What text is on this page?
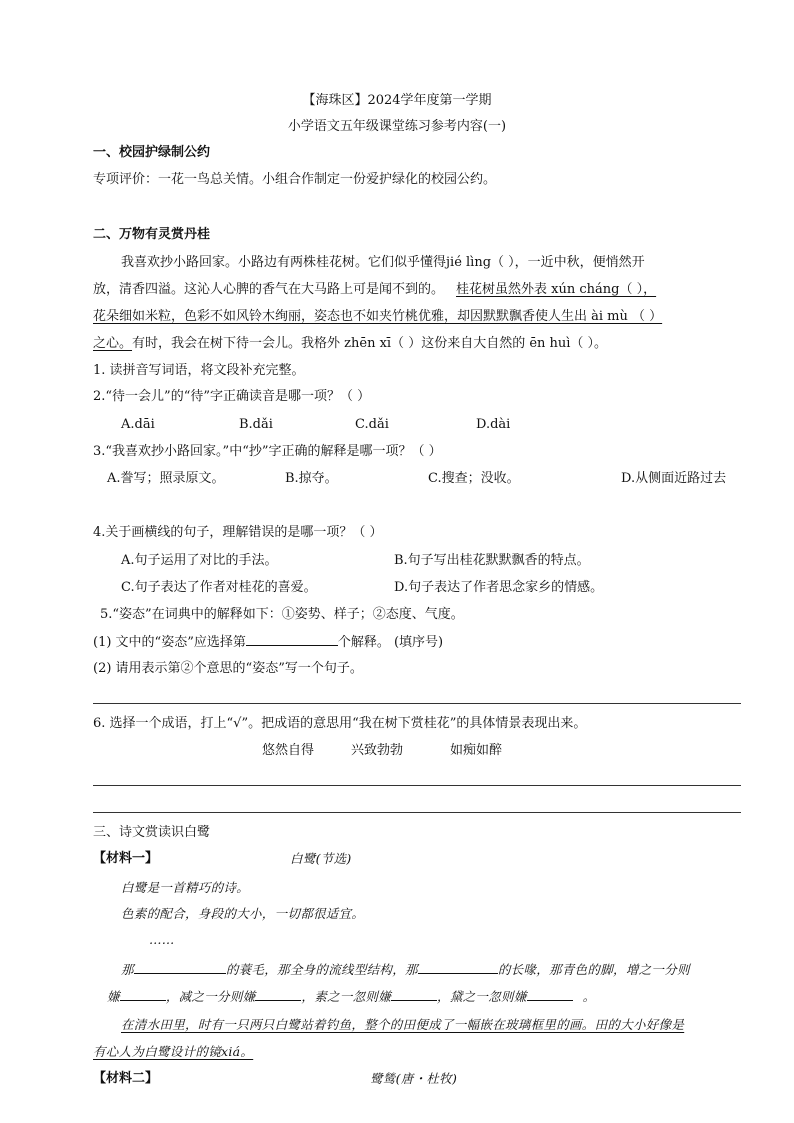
【海珠区】2024学年度第一学期
小学语文五年级课堂练习参考内容(一)
一、校园护绿制公约
专项评价：一花一鸟总关情。小组合作制定一份爱护绿化的校园公约。
二、万物有灵赏丹桂
我喜欢抄小路回家。小路边有两株桂花树。它们似乎懂得jié lìng（ ），一近中秋，便悄然开
放，清香四溢。这沁人心脾的香气在大马路上可是闻不到的。 桂花树虽然外表 xún cháng（ ），
花朵细如米粒，色彩不如风铃木绚丽，姿态也不如夹竹桃优雅，却因默默飘香使人生出 ài mù （ ）
之心。有时，我会在树下待一会儿。我格外 zhēn xī（ ）这份来自大自然的 ēn huì（ ）。
1. 读拼音写词语，将文段补充完整。
2.“待一会儿”的“待”字正确读音是哪一项？（ ）
A.dāi	B.dǎi	C.dǎi	D.dài
3.“我喜欢抄小路回家。”中“抄”字正确的解释是哪一项？（ ）
A.誊写；照录原文。	B.掠夺。	C.搜查；没收。	D.从侧面近路过去
4.关于画横线的句子，理解错误的是哪一项？（ ）
A.句子运用了对比的手法。	B.句子写出桂花默默飘香的特点。
C.句子表达了作者对桂花的喜爱。	D.句子表达了作者思念家乡的情感。
5.“姿态”在词典中的解释如下：①姿势、样子；②态度、气度。
(1) 文中的“姿态”应选择第	个解释。 (填序号)
(2) 请用表示第②个意思的“姿态”写一个句子。
6. 选择一个成语，打上“√”。把成语的意思用“我在树下赏桂花”的具体情景表现出来。
悠然自得	兴致勃勃	如痴如醉
三、诗文赏读识白鹭
【材料一】	白鹭(节选)
白鹭是一首精巧的诗。
色素的配合，身段的大小，一切都很适宜。
……
那	的蓑毛，那全身的流线型结构，那	的长喙，那青色的脚，增之一分则
嫌	，减之一分则嫌	，素之一忽则嫌	，黛之一忽则嫌	。
在清水田里，时有一只两只白鹭站着钓鱼，整个的田便成了一幅嵌在玻璃框里的画。田的大小好像是
有心人为白鹭设计的镜xiá。
【材料二】	鹭鸶(唐・杜牧)
